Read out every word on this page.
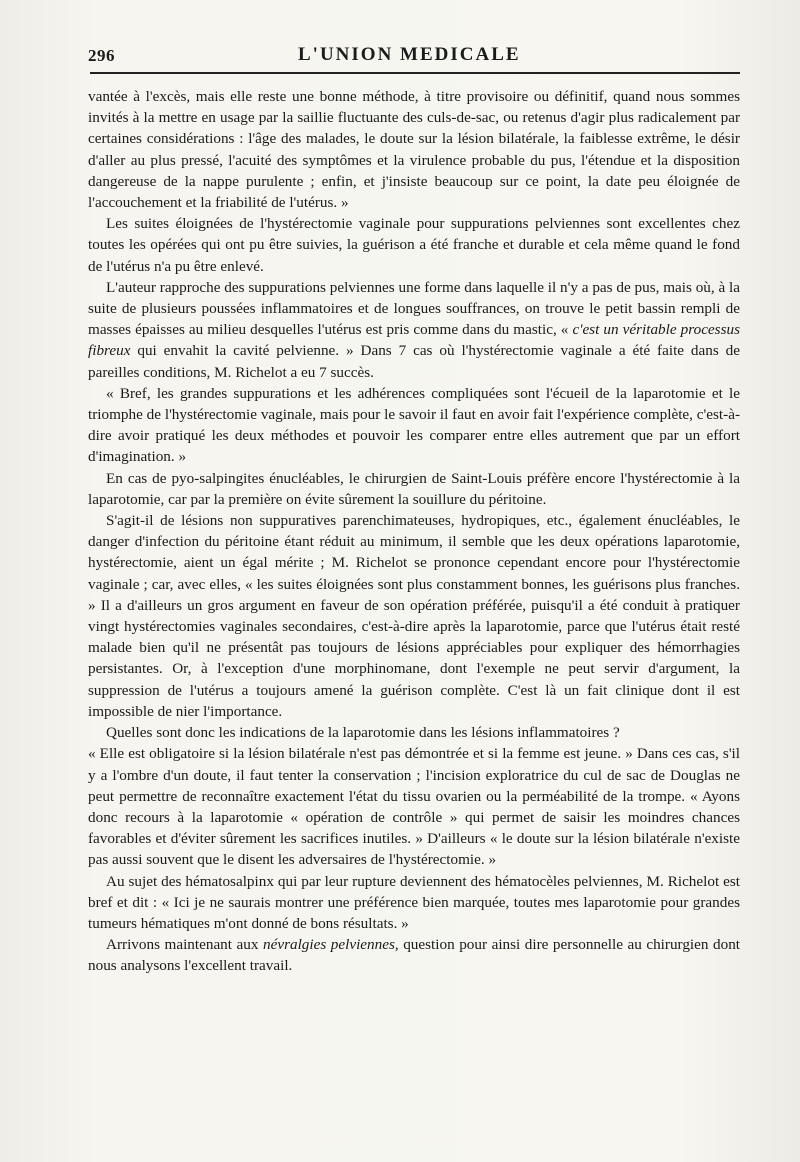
296	L'UNION MEDICALE

vantée à l'excès, mais elle reste une bonne méthode, à titre provisoire ou définitif, quand nous sommes invités à la mettre en usage par la saillie fluctuante des culs-de-sac, ou retenus d'agir plus radicalement par certaines considérations : l'âge des malades, le doute sur la lésion bilatérale, la faiblesse extrême, le désir d'aller au plus pressé, l'acuité des symptômes et la virulence probable du pus, l'étendue et la disposition dangereuse de la nappe purulente ; enfin, et j'insiste beaucoup sur ce point, la date peu éloignée de l'accouchement et la friabilité de l'utérus. »

Les suites éloignées de l'hystérectomie vaginale pour suppurations pelviennes sont excellentes chez toutes les opérées qui ont pu être suivies, la guérison a été franche et durable et cela même quand le fond de l'utérus n'a pu être enlevé.

L'auteur rapproche des suppurations pelviennes une forme dans laquelle il n'y a pas de pus, mais où, à la suite de plusieurs poussées inflammatoires et de longues souffrances, on trouve le petit bassin rempli de masses épaisses au milieu desquelles l'utérus est pris comme dans du mastic, « c'est un véritable processus fibreux qui envahit la cavité pelvienne. » Dans 7 cas où l'hystérectomie vaginale a été faite dans de pareilles conditions, M. Richelot a eu 7 succès.

« Bref, les grandes suppurations et les adhérences compliquées sont l'écueil de la laparotomie et le triomphe de l'hystérectomie vaginale, mais pour le savoir il faut en avoir fait l'expérience complète, c'est-à-dire avoir pratiqué les deux méthodes et pouvoir les comparer entre elles autrement que par un effort d'imagination. »

En cas de pyo-salpingites énucléables, le chirurgien de Saint-Louis préfère encore l'hystérectomie à la laparotomie, car par la première on évite sûrement la souillure du péritoine.

S'agit-il de lésions non suppuratives parenchimateuses, hydropiques, etc., également énucléables, le danger d'infection du péritoine étant réduit au minimum, il semble que les deux opérations laparotomie, hystérectomie, aient un égal mérite ; M. Richelot se prononce cependant encore pour l'hystérectomie vaginale ; car, avec elles, « les suites éloignées sont plus constamment bonnes, les guérisons plus franches. » Il a d'ailleurs un gros argument en faveur de son opération préférée, puisqu'il a été conduit à pratiquer vingt hystérectomies vaginales secondaires, c'est-à-dire après la laparotomie, parce que l'utérus était resté malade bien qu'il ne présentât pas toujours de lésions appréciables pour expliquer des hémorrhagies persistantes. Or, à l'exception d'une morphinomane, dont l'exemple ne peut servir d'argument, la suppression de l'utérus a toujours amené la guérison complète. C'est là un fait clinique dont il est impossible de nier l'importance.

Quelles sont donc les indications de la laparotomie dans les lésions inflammatoires ?

« Elle est obligatoire si la lésion bilatérale n'est pas démontrée et si la femme est jeune. » Dans ces cas, s'il y a l'ombre d'un doute, il faut tenter la conservation ; l'incision exploratrice du cul de sac de Douglas ne peut permettre de reconnaître exactement l'état du tissu ovarien ou la perméabilité de la trompe. « Ayons donc recours à la laparotomie « opération de contrôle » qui permet de saisir les moindres chances favorables et d'éviter sûrement les sacrifices inutiles. » D'ailleurs « le doute sur la lésion bilatérale n'existe pas aussi souvent que le disent les adversaires de l'hystérectomie. »

Au sujet des hématosalpinx qui par leur rupture deviennent des hématocèles pelviennes, M. Richelot est bref et dit : « Ici je ne saurais montrer une préférence bien marquée, toutes mes laparotomie pour grandes tumeurs hématiques m'ont donné de bons résultats. »

Arrivons maintenant aux névralgies pelviennes, question pour ainsi dire personnelle au chirurgien dont nous analysons l'excellent travail.
